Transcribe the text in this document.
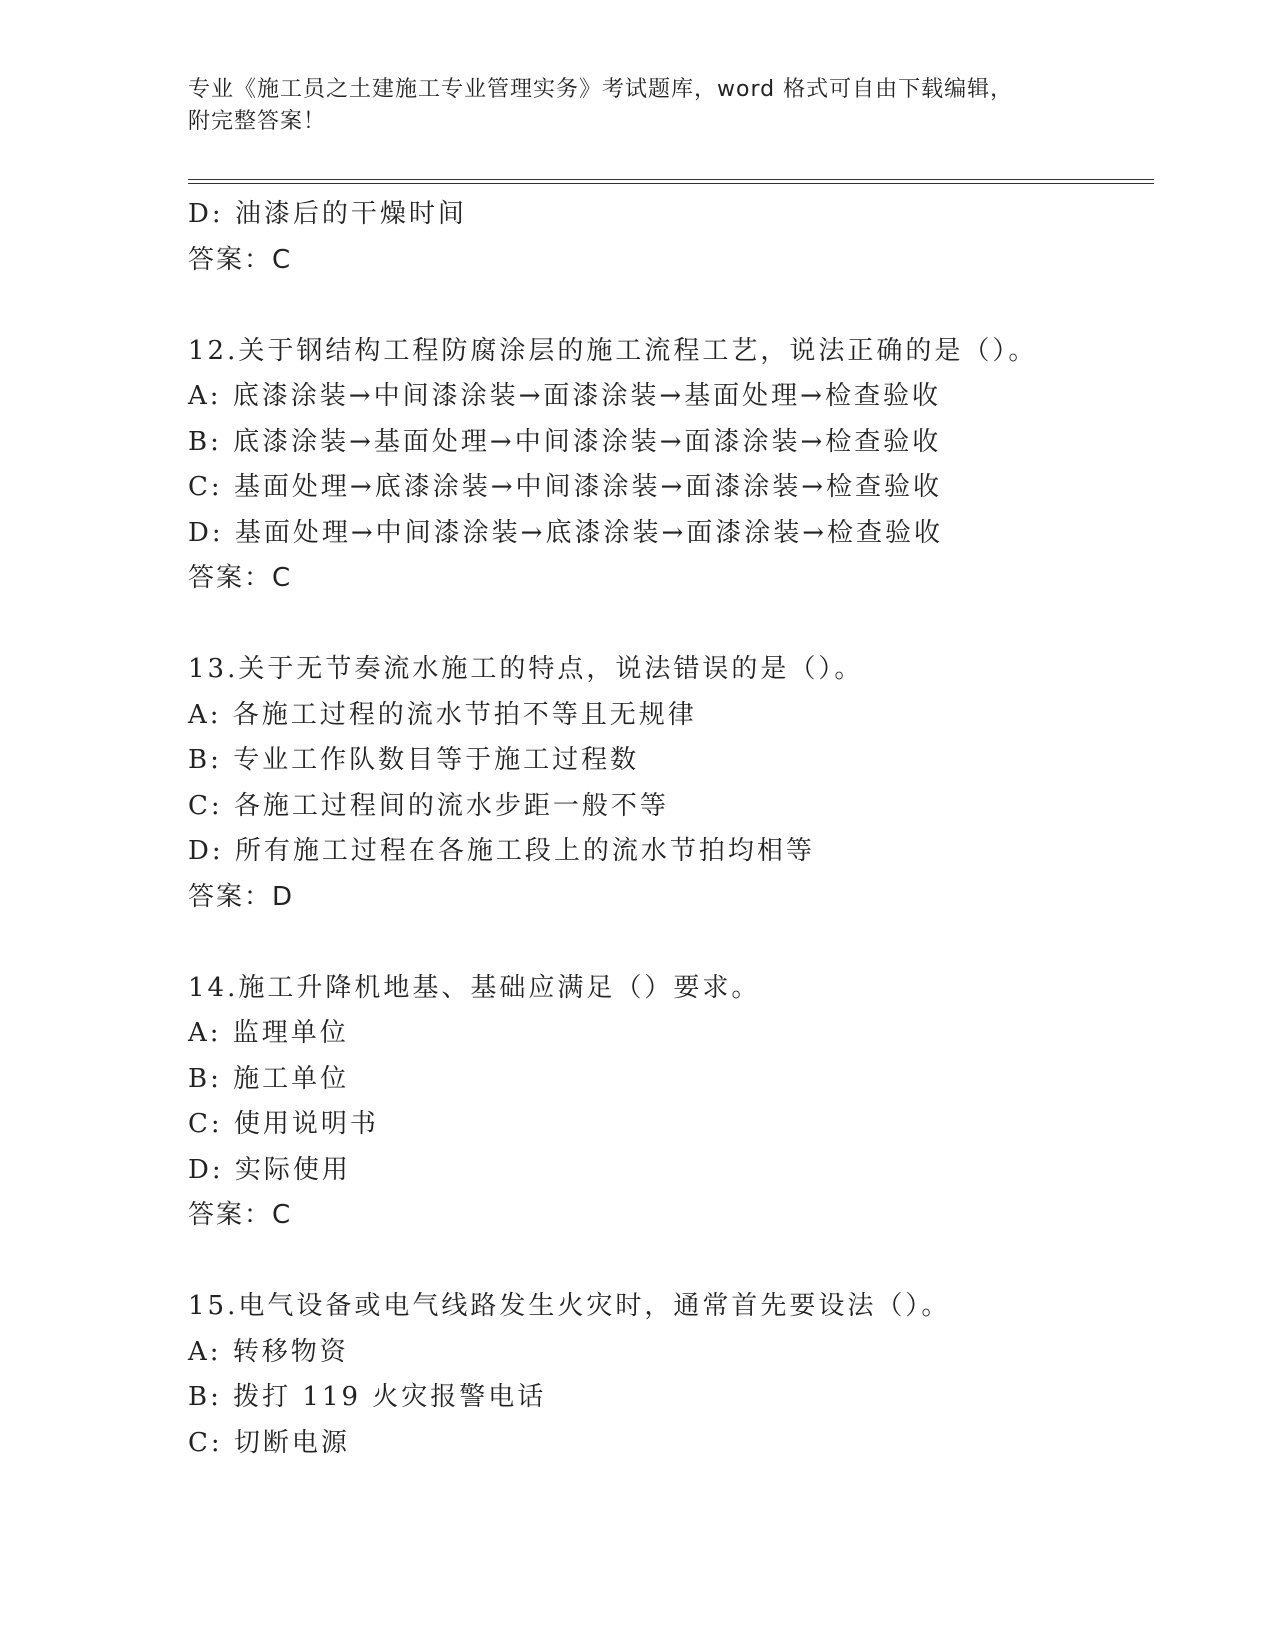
专业《施工员之土建施工专业管理实务》考试题库，word 格式可自由下载编辑，
附完整答案！
D: 油漆后的干燥时间
答案：C
12.关于钢结构工程防腐涂层的施工流程工艺，说法正确的是（）。
A: 底漆涂装→中间漆涂装→面漆涂装→基面处理→检查验收
B: 底漆涂装→基面处理→中间漆涂装→面漆涂装→检查验收
C: 基面处理→底漆涂装→中间漆涂装→面漆涂装→检查验收
D: 基面处理→中间漆涂装→底漆涂装→面漆涂装→检查验收
答案：C
13.关于无节奏流水施工的特点，说法错误的是（）。
A: 各施工过程的流水节拍不等且无规律
B: 专业工作队数目等于施工过程数
C: 各施工过程间的流水步距一般不等
D: 所有施工过程在各施工段上的流水节拍均相等
答案：D
14.施工升降机地基、基础应满足（）要求。
A: 监理单位
B: 施工单位
C: 使用说明书
D: 实际使用
答案：C
15.电气设备或电气线路发生火灾时，通常首先要设法（）。
A: 转移物资
B: 拨打 119 火灾报警电话
C: 切断电源
